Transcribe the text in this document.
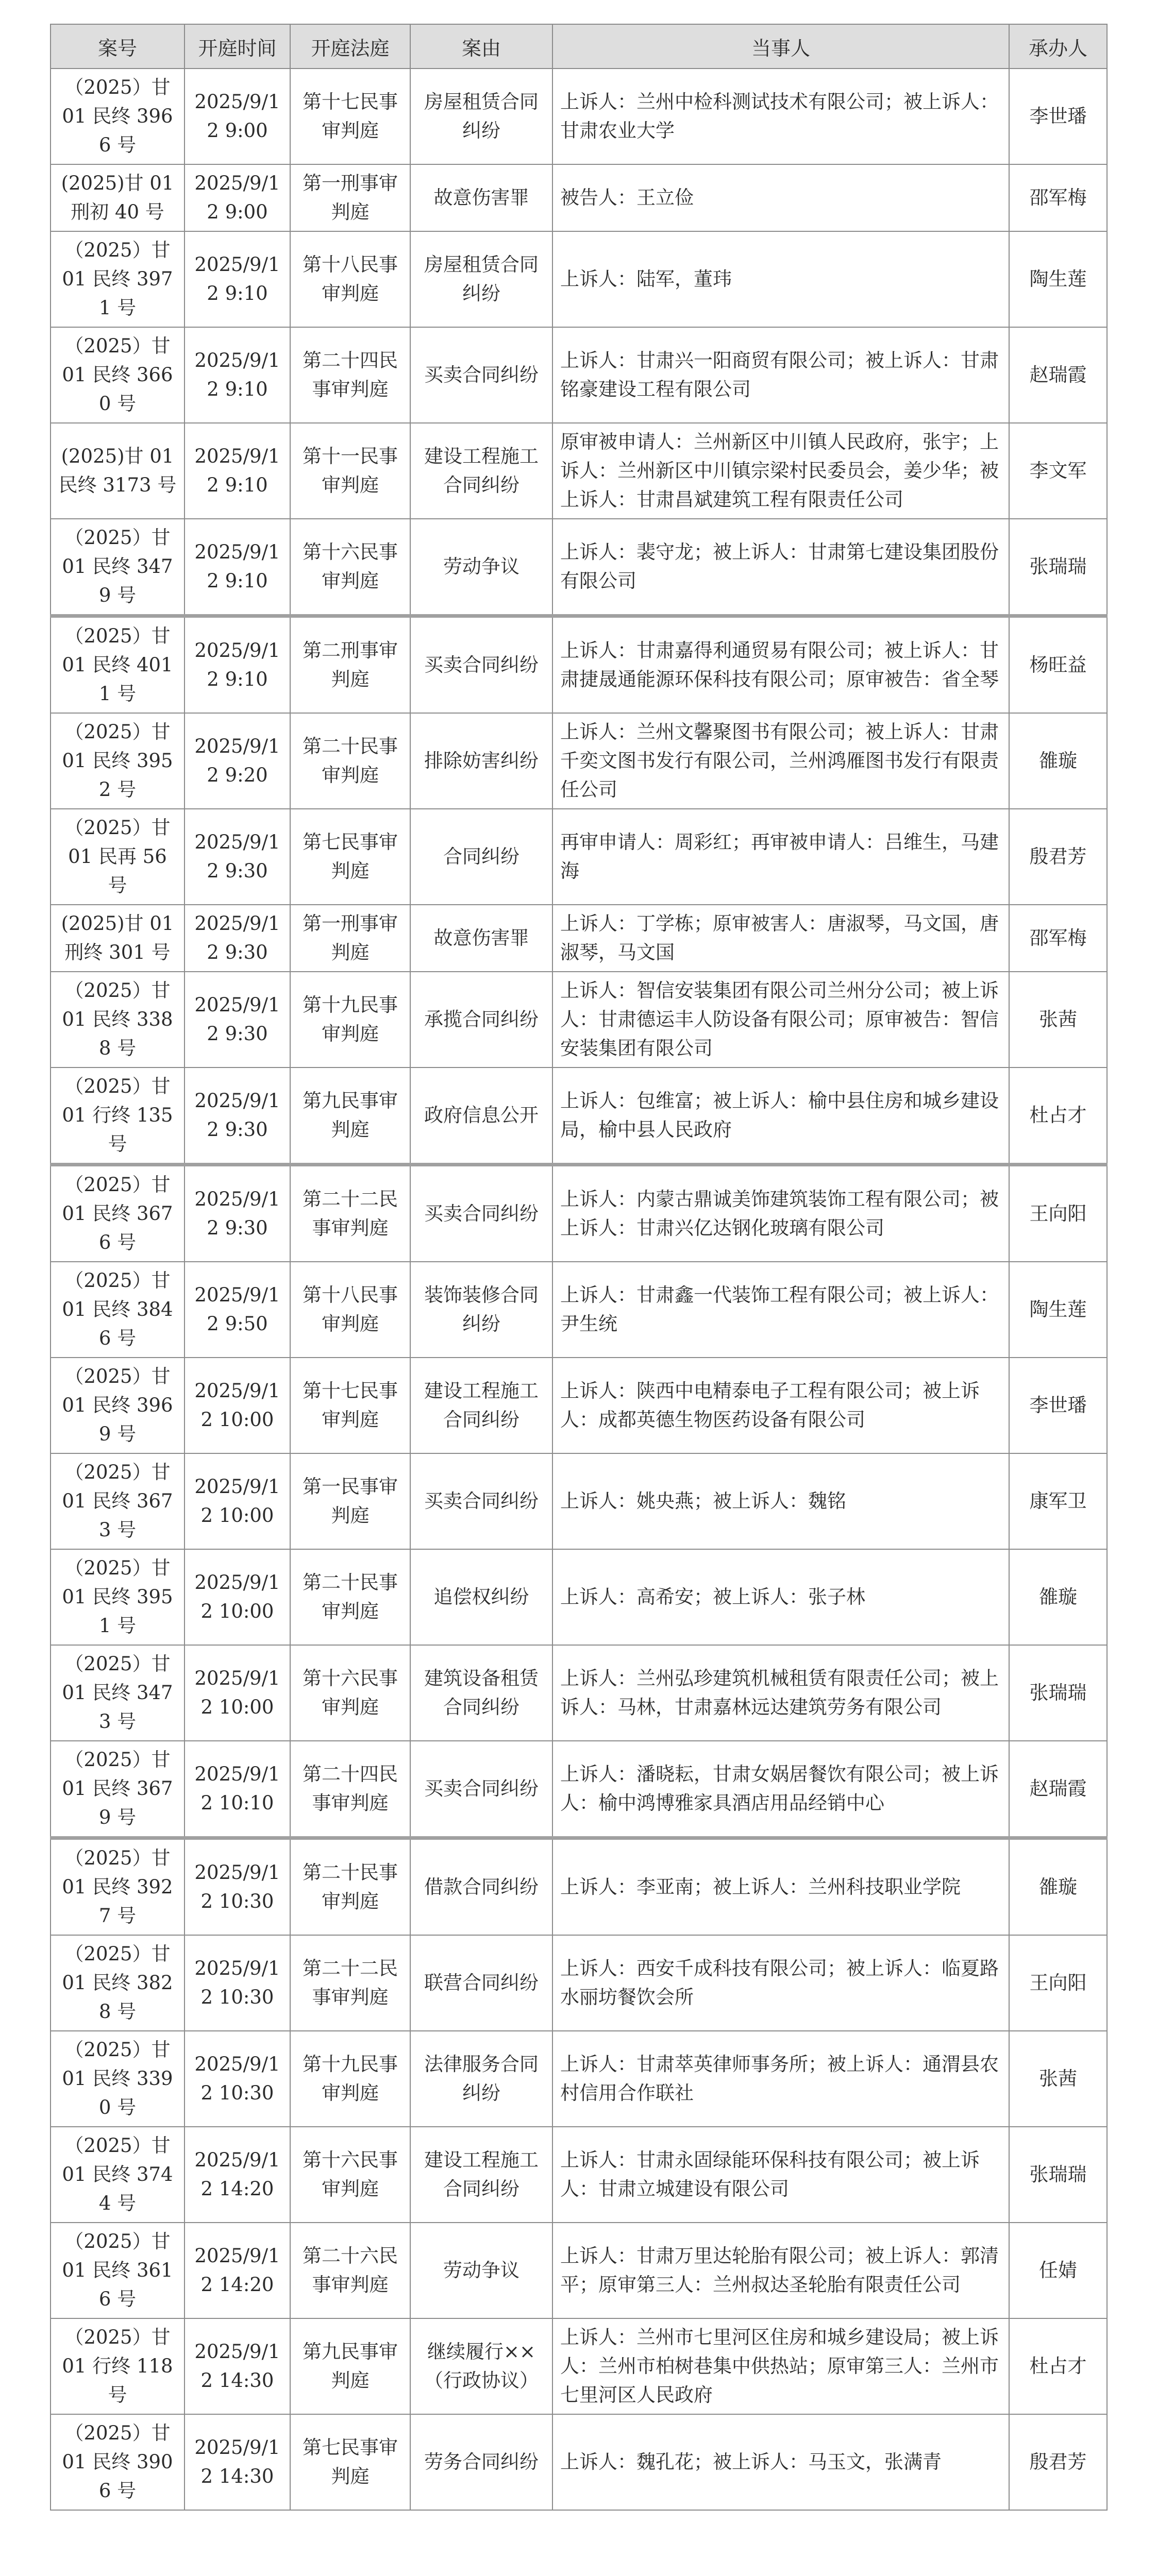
案号	开庭时间	开庭法庭	案由	当事人	承办人
（2025）甘 01 民终 3966 号	2025/9/12 9:00	第十七民事审判庭	房屋租赁合同纠纷	上诉人：兰州中检科测试技术有限公司；被上诉人：甘肃农业大学	李世璠
(2025)甘 01 刑初 40 号	2025/9/12 9:00	第一刑事审判庭	故意伤害罪	被告人：王立俭	邵军梅
（2025）甘 01 民终 3971 号	2025/9/12 9:10	第十八民事审判庭	房屋租赁合同纠纷	上诉人：陆军，董玮	陶生莲
（2025）甘 01 民终 3660 号	2025/9/12 9:10	第二十四民事审判庭	买卖合同纠纷	上诉人：甘肃兴一阳商贸有限公司；被上诉人：甘肃铭豪建设工程有限公司	赵瑞霞
(2025)甘 01 民终 3173 号	2025/9/12 9:10	第十一民事审判庭	建设工程施工合同纠纷	原审被申请人：兰州新区中川镇人民政府，张宇；上诉人：兰州新区中川镇宗梁村民委员会，姜少华；被上诉人：甘肃昌斌建筑工程有限责任公司	李文军
（2025）甘 01 民终 3479 号	2025/9/12 9:10	第十六民事审判庭	劳动争议	上诉人：裴守龙；被上诉人：甘肃第七建设集团股份有限公司	张瑞瑞
（2025）甘 01 民终 4011 号	2025/9/12 9:10	第二刑事审判庭	买卖合同纠纷	上诉人：甘肃嘉得利通贸易有限公司；被上诉人：甘肃捷晟通能源环保科技有限公司；原审被告：省全琴	杨旺益
（2025）甘 01 民终 3952 号	2025/9/12 9:20	第二十民事审判庭	排除妨害纠纷	上诉人：兰州文馨聚图书有限公司；被上诉人：甘肃千奕文图书发行有限公司，兰州鸿雁图书发行有限责任公司	雒璇
（2025）甘 01 民再 56 号	2025/9/12 9:30	第七民事审判庭	合同纠纷	再审申请人：周彩红；再审被申请人：吕维生，马建海	殷君芳
(2025)甘 01 刑终 301 号	2025/9/12 9:30	第一刑事审判庭	故意伤害罪	上诉人：丁学栋；原审被害人：唐淑琴，马文国，唐淑琴，马文国	邵军梅
（2025）甘 01 民终 3388 号	2025/9/12 9:30	第十九民事审判庭	承揽合同纠纷	上诉人：智信安装集团有限公司兰州分公司；被上诉人：甘肃德运丰人防设备有限公司；原审被告：智信安装集团有限公司	张茜
（2025）甘 01 行终 135 号	2025/9/12 9:30	第九民事审判庭	政府信息公开	上诉人：包维富；被上诉人：榆中县住房和城乡建设局，榆中县人民政府	杜占才
（2025）甘 01 民终 3676 号	2025/9/12 9:30	第二十二民事审判庭	买卖合同纠纷	上诉人：内蒙古鼎诚美饰建筑装饰工程有限公司；被上诉人：甘肃兴亿达钢化玻璃有限公司	王向阳
（2025）甘 01 民终 3846 号	2025/9/12 9:50	第十八民事审判庭	装饰装修合同纠纷	上诉人：甘肃鑫一代装饰工程有限公司；被上诉人：尹生统	陶生莲
（2025）甘 01 民终 3969 号	2025/9/12 10:00	第十七民事审判庭	建设工程施工合同纠纷	上诉人：陕西中电精泰电子工程有限公司；被上诉人：成都英德生物医药设备有限公司	李世璠
（2025）甘 01 民终 3673 号	2025/9/12 10:00	第一民事审判庭	买卖合同纠纷	上诉人：姚央燕；被上诉人：魏铭	康军卫
（2025）甘 01 民终 3951 号	2025/9/12 10:00	第二十民事审判庭	追偿权纠纷	上诉人：高希安；被上诉人：张子林	雒璇
（2025）甘 01 民终 3473 号	2025/9/12 10:00	第十六民事审判庭	建筑设备租赁合同纠纷	上诉人：兰州弘珍建筑机械租赁有限责任公司；被上诉人：马林，甘肃嘉林远达建筑劳务有限公司	张瑞瑞
（2025）甘 01 民终 3679 号	2025/9/12 10:10	第二十四民事审判庭	买卖合同纠纷	上诉人：潘晓耘，甘肃女娲居餐饮有限公司；被上诉人：榆中鸿博雅家具酒店用品经销中心	赵瑞霞
（2025）甘 01 民终 3927 号	2025/9/12 10:30	第二十民事审判庭	借款合同纠纷	上诉人：李亚南；被上诉人：兰州科技职业学院	雒璇
（2025）甘 01 民终 3828 号	2025/9/12 10:30	第二十二民事审判庭	联营合同纠纷	上诉人：西安千成科技有限公司；被上诉人：临夏路水丽坊餐饮会所	王向阳
（2025）甘 01 民终 3390 号	2025/9/12 10:30	第十九民事审判庭	法律服务合同纠纷	上诉人：甘肃萃英律师事务所；被上诉人：通渭县农村信用合作联社	张茜
（2025）甘 01 民终 3744 号	2025/9/12 14:20	第十六民事审判庭	建设工程施工合同纠纷	上诉人：甘肃永固绿能环保科技有限公司；被上诉人：甘肃立城建设有限公司	张瑞瑞
（2025）甘 01 民终 3616 号	2025/9/12 14:20	第二十六民事审判庭	劳动争议	上诉人：甘肃万里达轮胎有限公司；被上诉人：郭清平；原审第三人：兰州叔达圣轮胎有限责任公司	任婧
（2025）甘 01 行终 118 号	2025/9/12 14:30	第九民事审判庭	继续履行××（行政协议）	上诉人：兰州市七里河区住房和城乡建设局；被上诉人：兰州市柏树巷集中供热站；原审第三人：兰州市七里河区人民政府	杜占才
（2025）甘 01 民终 3906 号	2025/9/12 14:30	第七民事审判庭	劳务合同纠纷	上诉人：魏孔花；被上诉人：马玉文，张满青	殷君芳
